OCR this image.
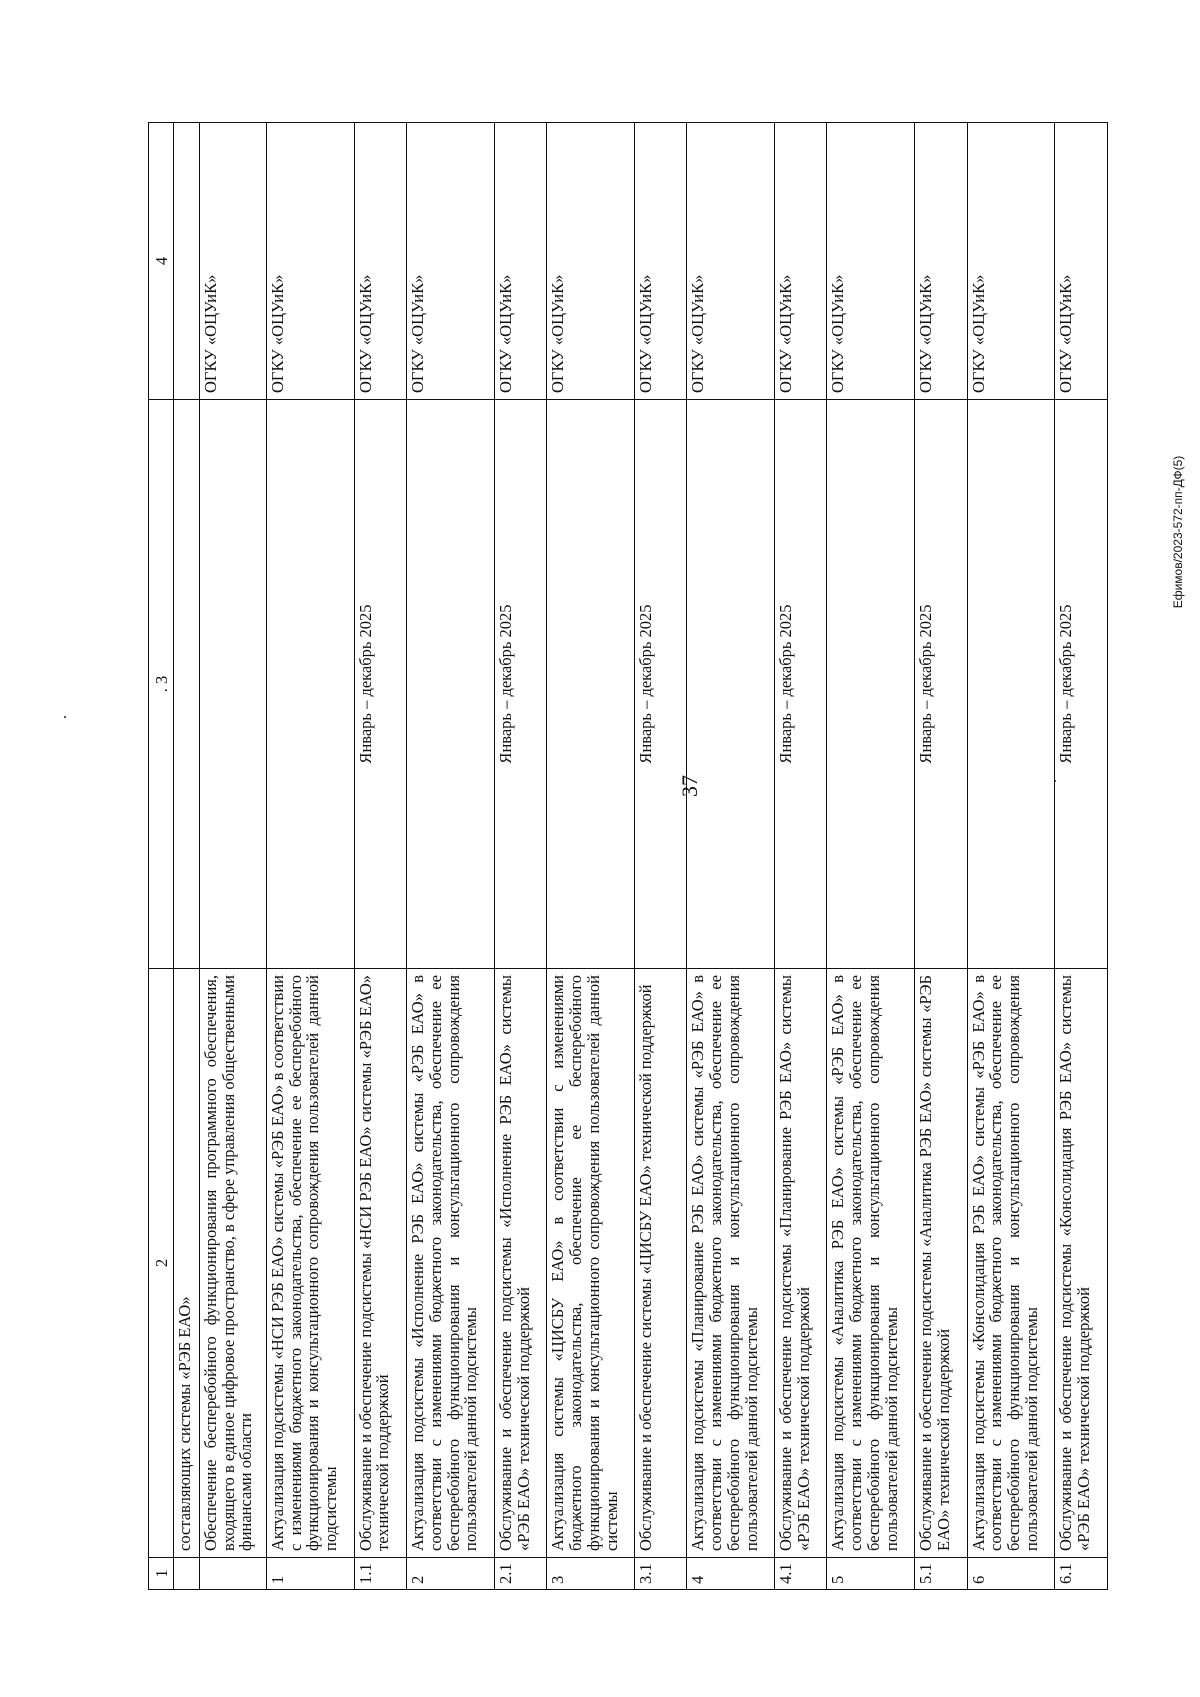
37
Ефимов/2023-572-пп-ДФ(5)
1	2	. 3	4
	составляющих системы «РЭБ ЕАО»		
	Обеспечение бесперебойного функционирования программного обеспечения, входящего в единое цифровое пространство, в сфере управления общественными финансами области		ОГКУ «ОЦУиК»
1	Актуализация подсистемы «НСИ РЭБ ЕАО» системы «РЭБ ЕАО» в соответствии с изменениями бюджетного законодательства, обеспечение ее бесперебойного функционирования и консультационного сопровождения пользователей данной подсистемы		ОГКУ «ОЦУиК»
1.1	Обслуживание и обеспечение подсистемы «НСИ РЭБ ЕАО» системы «РЭБ ЕАО» технической поддержкой	Январь – декабрь 2025	ОГКУ «ОЦУиК»
2	Актуализация подсистемы «Исполнение РЭБ ЕАО» системы «РЭБ ЕАО» в соответствии с изменениями бюджетного законодательства, обеспечение ее бесперебойного функционирования и консультационного сопровождения пользователей данной подсистемы		ОГКУ «ОЦУиК»
2.1	Обслуживание и обеспечение подсистемы «Исполнение РЭБ ЕАО» системы «РЭБ ЕАО» технической поддержкой	Январь – декабрь 2025	ОГКУ «ОЦУиК»
3	Актуализация системы «ЦИСБУ ЕАО» в соответствии с изменениями бюджетного законодательства, обеспечение ее бесперебойного функционирования и консультационного сопровождения пользователей данной системы		ОГКУ «ОЦУиК»
3.1	Обслуживание и обеспечение системы «ЦИСБУ ЕАО» технической поддержкой	Январь – декабрь 2025	ОГКУ «ОЦУиК»
4	Актуализация подсистемы «Планирование РЭБ ЕАО» системы «РЭБ ЕАО» в соответствии с изменениями бюджетного законодательства, обеспечение ее бесперебойного функционирования и консультационного сопровождения пользователей данной подсистемы		ОГКУ «ОЦУиК»
4.1	Обслуживание и обеспечение подсистемы «Планирование РЭБ ЕАО» системы «РЭБ ЕАО» технической поддержкой	Январь – декабрь 2025	ОГКУ «ОЦУиК»
5	Актуализация подсистемы «Аналитика РЭБ ЕАО» системы «РЭБ ЕАО» в соответствии с изменениями бюджетного законодательства, обеспечение ее бесперебойного функционирования и консультационного сопровождения пользователей данной подсистемы		ОГКУ «ОЦУиК»
5.1	Обслуживание и обеспечение подсистемы «Аналитика РЭБ ЕАО» системы «РЭБ ЕАО» технической поддержкой	Январь – декабрь 2025	ОГКУ «ОЦУиК»
6	Актуализация подсистемы «Консолидация РЭБ ЕАО» системы «РЭБ ЕАО» в соответствии с изменениями бюджетного законодательства, обеспечение ее бесперебойного функционирования и консультационного сопровождения пользователей данной подсистемы		ОГКУ «ОЦУиК»
6.1	Обслуживание и обеспечение подсистемы «Консолидация РЭБ ЕАО» системы «РЭБ ЕАО» технической поддержкой	Январь – декабрь 2025	ОГКУ «ОЦУиК»
